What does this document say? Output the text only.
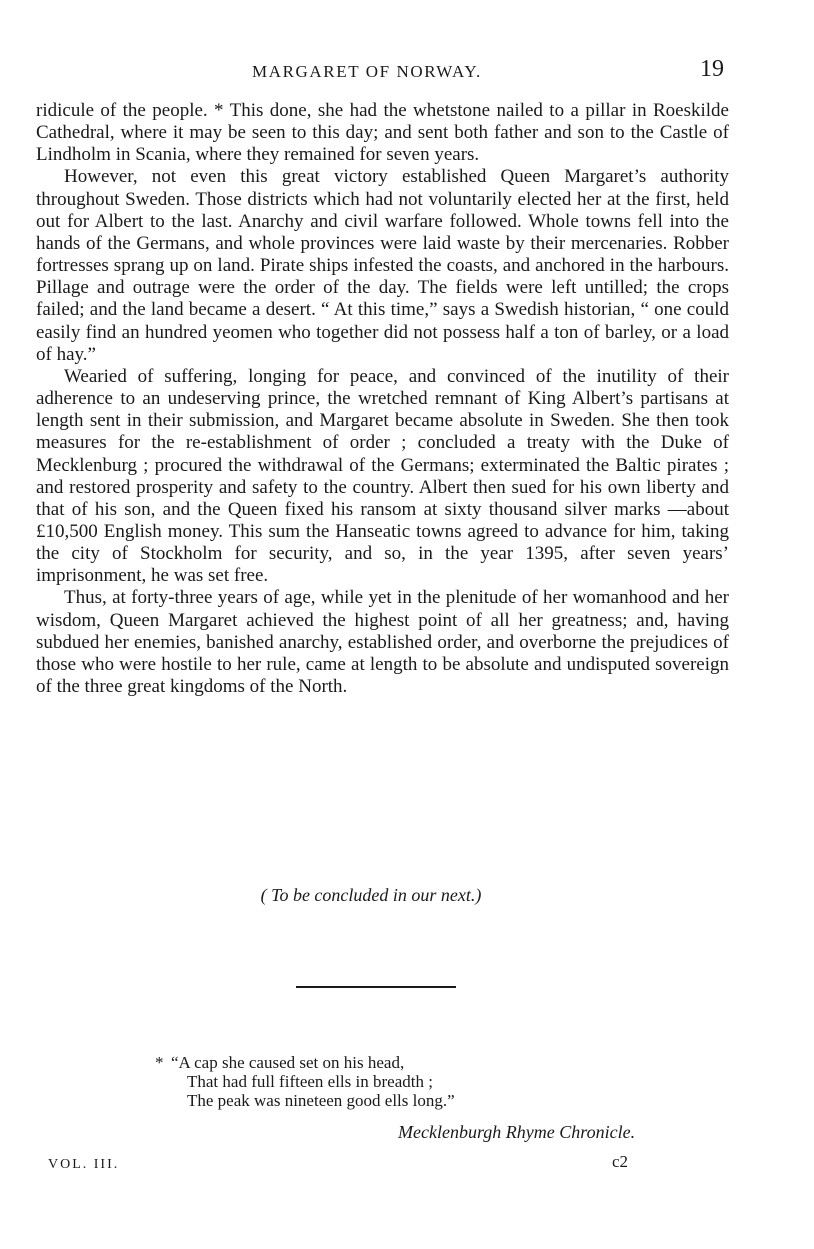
MARGARET OF NORWAY.	19

ridicule of the people. * This done, she had the whetstone nailed to a pillar in Roeskilde Cathedral, where it may be seen to this day; and sent both father and son to the Castle of Lindholm in Scania, where they remained for seven years.

However, not even this great victory established Queen Margaret’s authority throughout Sweden. Those districts which had not voluntarily elected her at the first, held out for Albert to the last. Anarchy and civil warfare followed. Whole towns fell into the hands of the Germans, and whole provinces were laid waste by their mercenaries. Robber fortresses sprang up on land. Pirate ships infested the coasts, and anchored in the harbours. Pillage and outrage were the order of the day. The fields were left untilled; the crops failed; and the land became a desert. “ At this time,” says a Swedish historian, “ one could easily find an hundred yeomen who together did not possess half a ton of barley, or a load of hay.”

Wearied of suffering, longing for peace, and convinced of the inutility of their adherence to an undeserving prince, the wretched remnant of King Albert’s partisans at length sent in their submission, and Margaret became absolute in Sweden. She then took measures for the re-establishment of order ; concluded a treaty with the Duke of Mecklenburg ; procured the withdrawal of the Germans; exterminated the Baltic pirates ; and restored prosperity and safety to the country. Albert then sued for his own liberty and that of his son, and the Queen fixed his ransom at sixty thousand silver marks —about £10,500 English money. This sum the Hanseatic towns agreed to advance for him, taking the city of Stockholm for security, and so, in the year 1395, after seven years’ imprisonment, he was set free.

Thus, at forty-three years of age, while yet in the plenitude of her womanhood and her wisdom, Queen Margaret achieved the highest point of all her greatness; and, having subdued her enemies, banished anarchy, established order, and overborne the prejudices of those who were hostile to her rule, came at length to be absolute and undisputed sovereign of the three great kingdoms of the North.

( To be concluded in our next.)
* “A cap she caused set on his head,
That had full fifteen ells in breadth ;
The peak was nineteen good ells long.”
Mecklenburgh Rhyme Chronicle.
VOL. III.	c2
